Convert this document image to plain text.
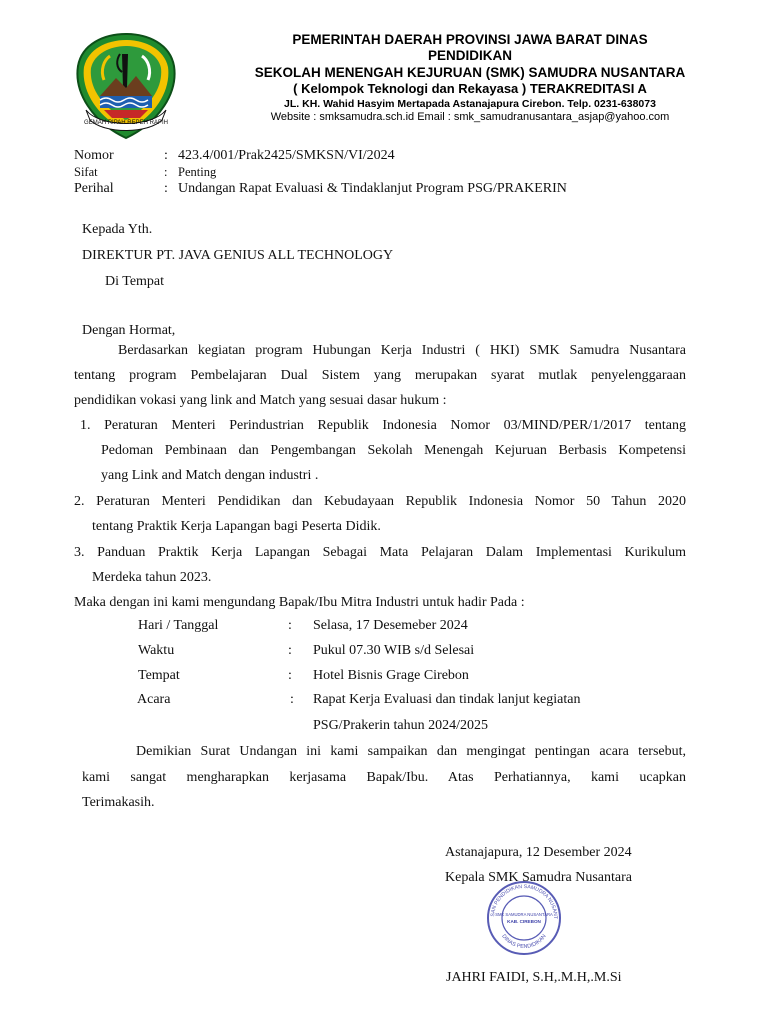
GEMAH RIPAH REPEH RAPIH
PEMERINTAH DAERAH PROVINSI JAWA BARAT DINAS
PENDIDIKAN
SEKOLAH MENENGAH KEJURUAN (SMK) SAMUDRA NUSANTARA
( Kelompok Teknologi dan Rekayasa ) TERAKREDITASI A
JL. KH. Wahid Hasyim Mertapada Astanajapura Cirebon. Telp. 0231-638073
Website : smksamudra.sch.id Email : smk_samudranusantara_asjap@yahoo.com
Nomor	: 423.4/001/Prak2425/SMKSN/VI/2024
Sifat	: Penting
Perihal	: Undangan Rapat Evaluasi & Tindaklanjut Program PSG/PRAKERIN
Kepada Yth.
DIREKTUR PT. JAVA GENIUS ALL TECHNOLOGY
Di Tempat
Dengan Hormat,
Berdasarkan kegiatan program Hubungan Kerja Industri ( HKI) SMK Samudra Nusantara
tentang program Pembelajaran Dual Sistem yang merupakan syarat mutlak penyelenggaraan
pendidikan vokasi yang link and Match yang sesuai dasar hukum :
1. Peraturan Menteri Perindustrian Republik Indonesia Nomor 03/MIND/PER/1/2017 tentang
Pedoman Pembinaan dan Pengembangan Sekolah Menengah Kejuruan Berbasis Kompetensi
yang Link and Match dengan industri .
2. Peraturan Menteri Pendidikan dan Kebudayaan Republik Indonesia Nomor 50 Tahun 2020
tentang Praktik Kerja Lapangan bagi Peserta Didik.
3. Panduan Praktik Kerja Lapangan Sebagai Mata Pelajaran Dalam Implementasi Kurikulum
Merdeka tahun 2023.
Maka dengan ini kami mengundang Bapak/Ibu Mitra Industri untuk hadir Pada :
Hari / Tanggal	: Selasa, 17 Desemeber 2024
Waktu	: Pukul 07.30 WIB s/d Selesai
Tempat	: Hotel Bisnis Grage Cirebon
Acara	: Rapat Kerja Evaluasi dan tindak lanjut kegiatan
PSG/Prakerin tahun 2024/2025
Demikian Surat Undangan ini kami sampaikan dan mengingat pentingan acara tersebut,
kami sangat mengharapkan kerjasama Bapak/Ibu. Atas Perhatiannya, kami ucapkan
Terimakasih.
Astanajapura, 12 Desember 2024
Kepala SMK Samudra Nusantara
SAN PENDIDIKAN SAMUDRA NUSANT
DINAS PENDIDIKAN
SMK SAMUDRA NUSANTARA
KAB. CIREBON
JAHRI FAIDI, S.H,.M.H,.M.Si
